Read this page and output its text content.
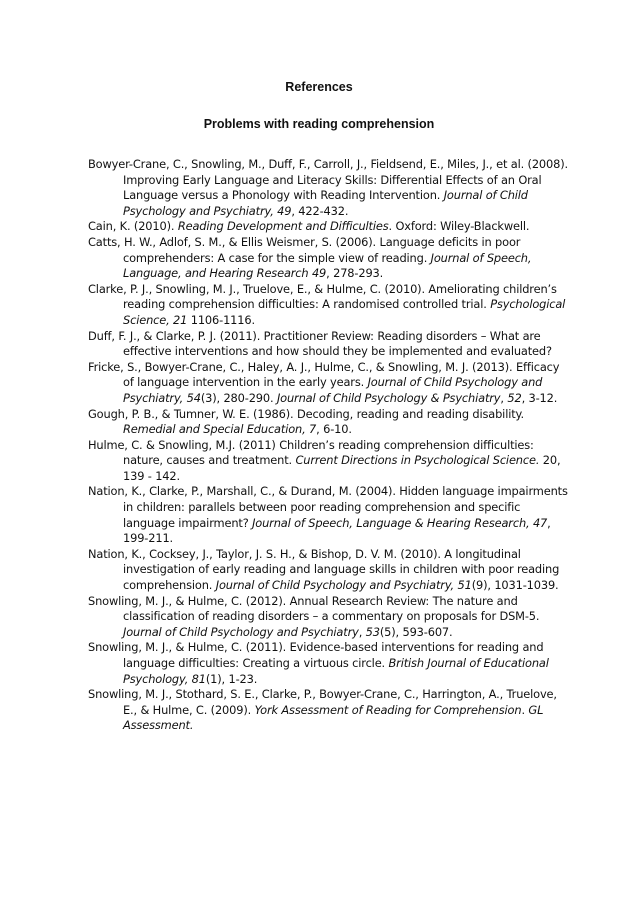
References
Problems with reading comprehension

Bowyer-Crane, C., Snowling, M., Duff, F., Carroll, J., Fieldsend, E., Miles, J., et al. (2008). Improving Early Language and Literacy Skills: Differential Effects of an Oral Language versus a Phonology with Reading Intervention. Journal of Child Psychology and Psychiatry, 49, 422-432.

Cain, K. (2010). Reading Development and Difficulties. Oxford: Wiley-Blackwell.

Catts, H. W., Adlof, S. M., & Ellis Weismer, S. (2006). Language deficits in poor comprehenders: A case for the simple view of reading. Journal of Speech, Language, and Hearing Research 49, 278-293.

Clarke, P. J., Snowling, M. J., Truelove, E., & Hulme, C. (2010). Ameliorating children’s reading comprehension difficulties: A randomised controlled trial. Psychological Science, 21 1106-1116.

Duff, F. J., & Clarke, P. J. (2011). Practitioner Review: Reading disorders – What are effective interventions and how should they be implemented and evaluated?

Fricke, S., Bowyer-Crane, C., Haley, A. J., Hulme, C., & Snowling, M. J. (2013). Efficacy of language intervention in the early years. Journal of Child Psychology and Psychiatry, 54(3), 280-290. Journal of Child Psychology & Psychiatry, 52, 3-12.

Gough, P. B., & Tumner, W. E. (1986). Decoding, reading and reading disability. Remedial and Special Education, 7, 6-10.

Hulme, C. & Snowling, M.J. (2011) Children’s reading comprehension difficulties: nature, causes and treatment. Current Directions in Psychological Science. 20, 139 - 142.

Nation, K., Clarke, P., Marshall, C., & Durand, M. (2004). Hidden language impairments in children: parallels between poor reading comprehension and specific language impairment? Journal of Speech, Language & Hearing Research, 47, 199-211.

Nation, K., Cocksey, J., Taylor, J. S. H., & Bishop, D. V. M. (2010). A longitudinal investigation of early reading and language skills in children with poor reading comprehension. Journal of Child Psychology and Psychiatry, 51(9), 1031-1039.

Snowling, M. J., & Hulme, C. (2012). Annual Research Review: The nature and classification of reading disorders – a commentary on proposals for DSM-5. Journal of Child Psychology and Psychiatry, 53(5), 593-607.

Snowling, M. J., & Hulme, C. (2011). Evidence-based interventions for reading and language difficulties: Creating a virtuous circle. British Journal of Educational Psychology, 81(1), 1-23.

Snowling, M. J., Stothard, S. E., Clarke, P., Bowyer-Crane, C., Harrington, A., Truelove, E., & Hulme, C. (2009). York Assessment of Reading for Comprehension. GL Assessment.
